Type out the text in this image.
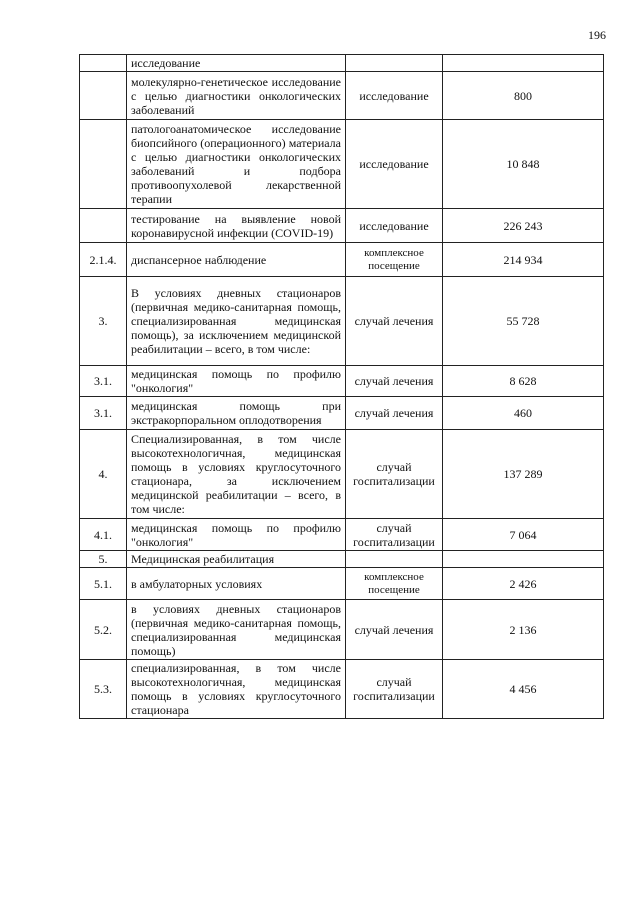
196
	исследование		
	молекулярно-генетическое исследование с целью диагностики онкологических заболеваний	исследование	800
	патологоанатомическое исследование биопсийного (операционного) материала с целью диагностики онкологических заболеваний и подбора противоопухолевой лекарственной терапии	исследование	10 848
	тестирование на выявление новой коронавирусной инфекции (COVID-19)	исследование	226 243
2.1.4.	диспансерное наблюдение	комплексное посещение	214 934
3.	В условиях дневных стационаров (первичная медико-санитарная помощь, специализированная медицинская помощь), за исключением медицинской реабилитации – всего, в том числе:	случай лечения	55 728
3.1.	медицинская помощь по профилю "онкология"	случай лечения	8 628
3.1.	медицинская помощь при экстракорпоральном оплодотворения	случай лечения	460
4.	Специализированная, в том числе высокотехнологичная, медицинская помощь в условиях круглосуточного стационара, за исключением медицинской реабилитации – всего, в том числе:	случай госпитализации	137 289
4.1.	медицинская помощь по профилю "онкология"	случай госпитализации	7 064
5.	Медицинская реабилитация		
5.1.	в амбулаторных условиях	комплексное посещение	2 426
5.2.	в условиях дневных стационаров (первичная медико-санитарная помощь, специализированная медицинская помощь)	случай лечения	2 136
5.3.	специализированная, в том числе высокотехнологичная, медицинская помощь в условиях круглосуточного стационара	случай госпитализации	4 456
